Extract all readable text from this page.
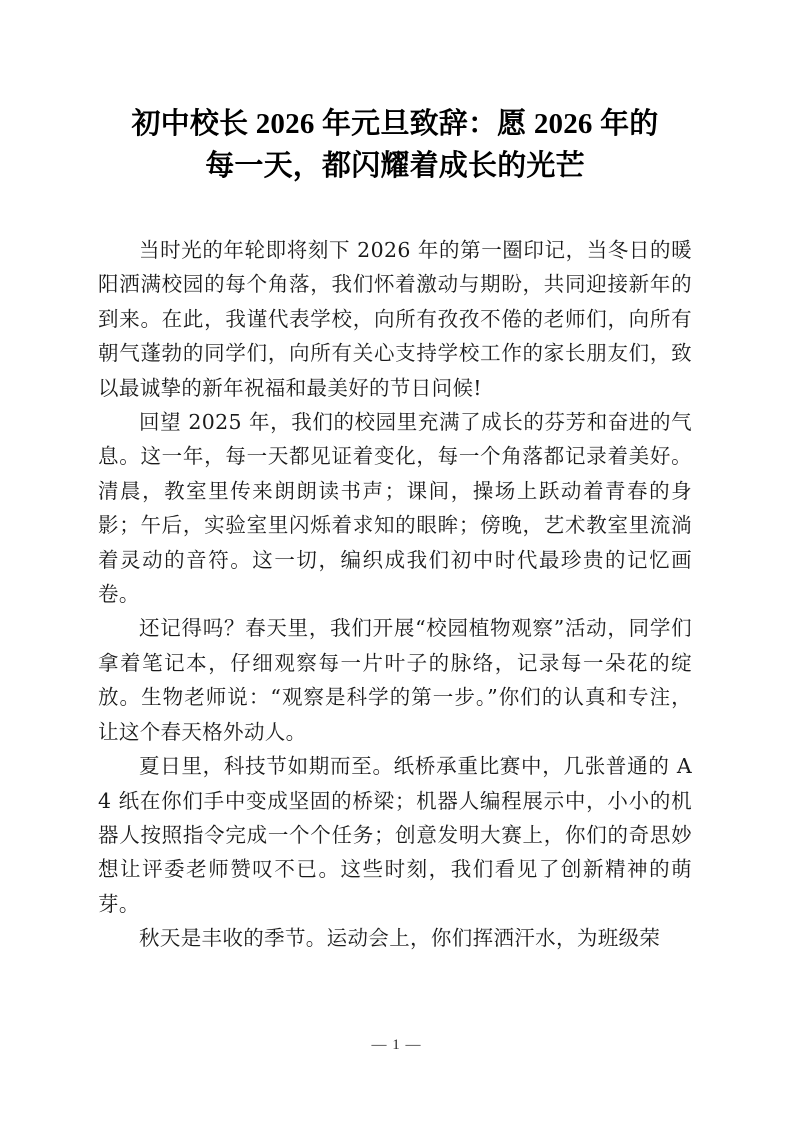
初中校长 2026 年元旦致辞：愿 2026 年的
每一天，都闪耀着成长的光芒

当时光的年轮即将刻下 2026 年的第一圈印记，当冬日的暖阳洒满校园的每个角落，我们怀着激动与期盼，共同迎接新年的到来。在此，我谨代表学校，向所有孜孜不倦的老师们，向所有朝气蓬勃的同学们，向所有关心支持学校工作的家长朋友们，致以最诚挚的新年祝福和最美好的节日问候!

回望 2025 年，我们的校园里充满了成长的芬芳和奋进的气息。这一年，每一天都见证着变化，每一个角落都记录着美好。清晨，教室里传来朗朗读书声；课间，操场上跃动着青春的身影；午后，实验室里闪烁着求知的眼眸；傍晚，艺术教室里流淌着灵动的音符。这一切，编织成我们初中时代最珍贵的记忆画卷。

还记得吗？春天里，我们开展“校园植物观察”活动，同学们拿着笔记本，仔细观察每一片叶子的脉络，记录每一朵花的绽放。生物老师说：“观察是科学的第一步。”你们的认真和专注，让这个春天格外动人。

夏日里，科技节如期而至。纸桥承重比赛中，几张普通的 A4 纸在你们手中变成坚固的桥梁；机器人编程展示中，小小的机器人按照指令完成一个个任务；创意发明大赛上，你们的奇思妙想让评委老师赞叹不已。这些时刻，我们看见了创新精神的萌芽。

秋天是丰收的季节。运动会上，你们挥洒汗水，为班级荣

— 1 —
